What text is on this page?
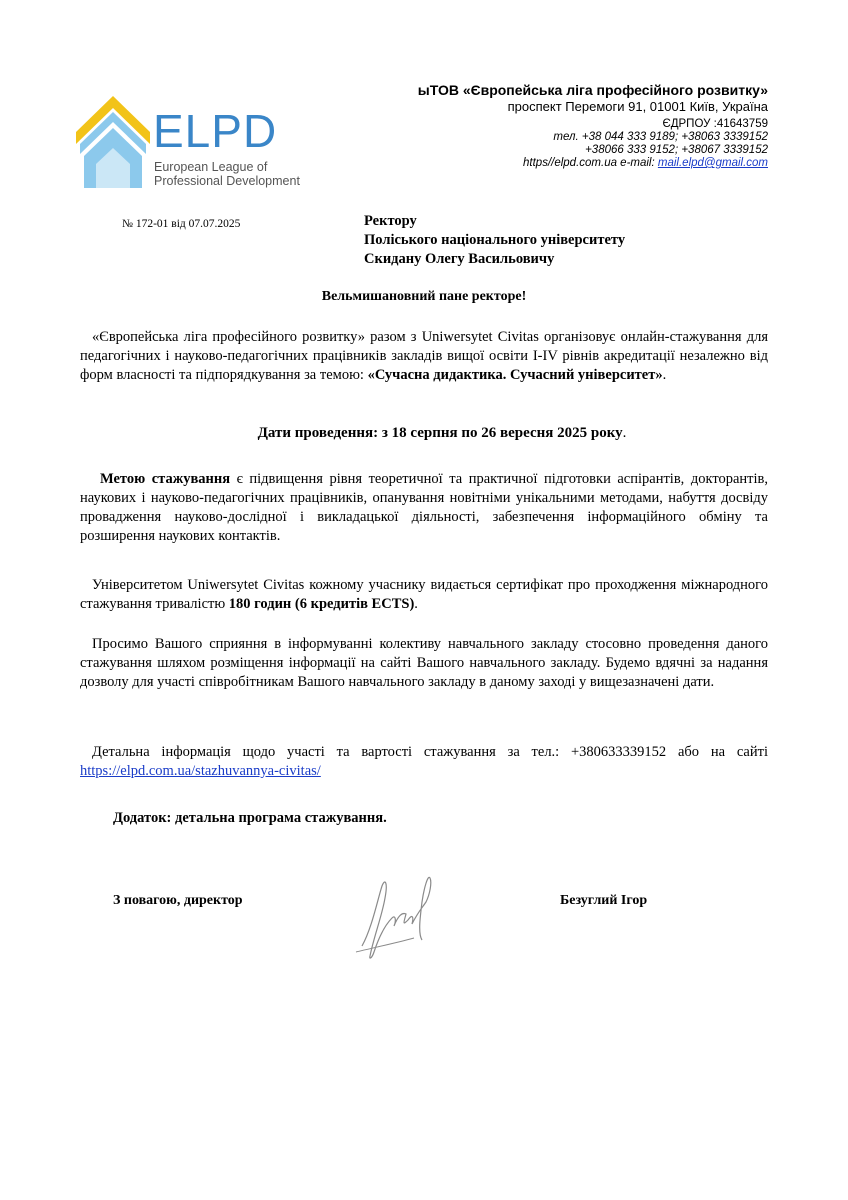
ELPD
European League of
Professional Development
ыТОВ «Європейська ліга професійного розвитку»
проспект Перемоги 91, 01001 Київ, Україна
ЄДРПОУ :41643759
тел. +38 044 333 9189; +38063 3339152
+38066 333 9152; +38067 3339152
https//elpd.com.ua e-mail: mail.elpd@gmail.com
№ 172-01 від 07.07.2025	Ректору
Поліського національного університету
Скидану Олегу Васильовичу
Вельмишановний пане ректоре!
«Європейська ліга професійного розвитку» разом з Uniwersytet Civitas організовує онлайн-стажування для педагогічних і науково-педагогічних працівників закладів вищої освіти I-IV рівнів акредитації незалежно від форм власності та підпорядкування за темою: «Сучасна дидактика. Сучасний університет».
Дати проведення: з 18 серпня по 26 вересня 2025 року.
Метою стажування є підвищення рівня теоретичної та практичної підготовки аспірантів, докторантів, наукових і науково-педагогічних працівників, опанування новітніми унікальними методами, набуття досвіду провадження науково-дослідної і викладацької діяльності, забезпечення інформаційного обміну та розширення наукових контактів.
Університетом Uniwersytet Civitas кожному учаснику видається сертифікат про проходження міжнародного стажування тривалістю 180 годин (6 кредитів ECTS).
Просимо Вашого сприяння в інформуванні колективу навчального закладу стосовно проведення даного стажування шляхом розміщення інформації на сайті Вашого навчального закладу. Будемо вдячні за надання дозволу для участі співробітникам Вашого навчального закладу в даному заході у вищезазначені дати.
Детальна інформація щодо участі та вартості стажування за тел.: +380633339152 або на сайті https://elpd.com.ua/stazhuvannya-civitas/
Додаток: детальна програма стажування.
З повагою, директор	Безуглий Ігор
